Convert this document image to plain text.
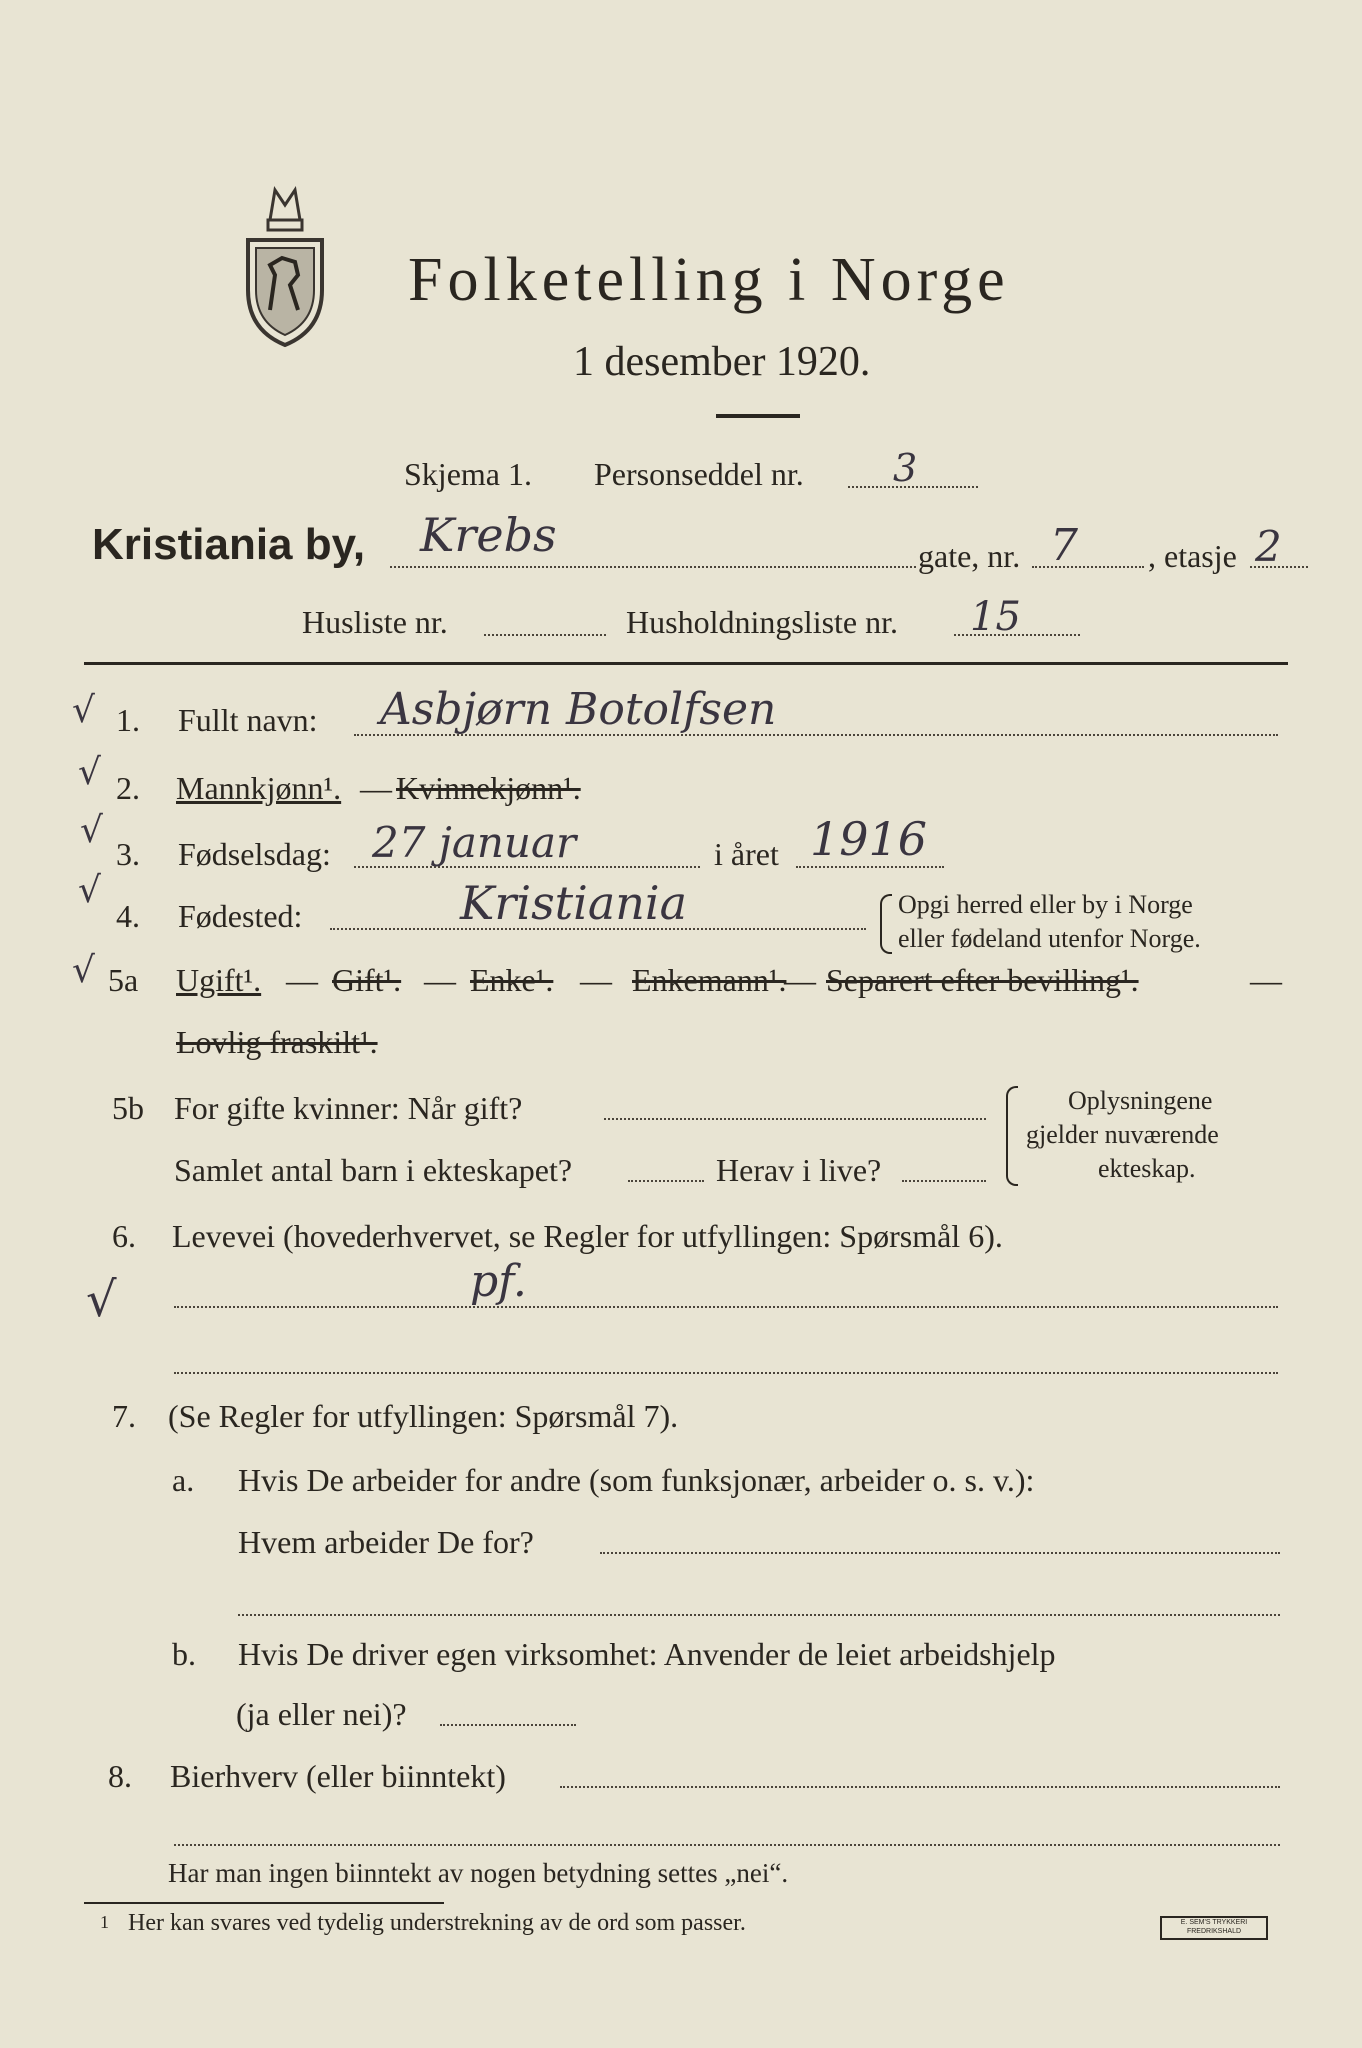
Folketelling i Norge
1 desember 1920.
Skjema 1. Personseddel nr. 3
Kristiania by, Krebs	gate, nr. 7 , etasje 2
Husliste nr.	Husholdningsliste nr. 15
√ 1. Fullt navn: Asbjørn Botolfsen
√ 2. Mannkjønn¹. — Kvinnekjønn¹.
√
3. Fødselsdag: 27 januar	i året 1916
√
4. Fødested:	Kristiania	Opgi herred eller by i Norge
eller fødeland utenfor Norge.
√ 5a Ugift¹. — Gift¹. — Enke¹. — Enkemann¹.
— Separert efter bevilling¹.	—
Lovlig fraskilt¹.
5b For gifte kvinner: Når gift?
Samlet antal barn i ekteskapet?	Herav i live?
Oplysningene
gjelder nuværende
ekteskap.
6. Levevei (hovederhvervet, se Regler for utfyllingen: Spørsmål 6).
√	pf.
7. (Se Regler for utfyllingen: Spørsmål 7).
a. Hvis De arbeider for andre (som funksjonær, arbeider o. s. v.):
Hvem arbeider De for?
b. Hvis De driver egen virksomhet: Anvender de leiet arbeidshjelp
(ja eller nei)?
8. Bierhverv (eller biinntekt)
Har man ingen biinntekt av nogen betydning settes „nei“.
1 Her kan svares ved tydelig understrekning av de ord som passer.	E. SEM'S TRYKKERI FREDRIKSHALD
